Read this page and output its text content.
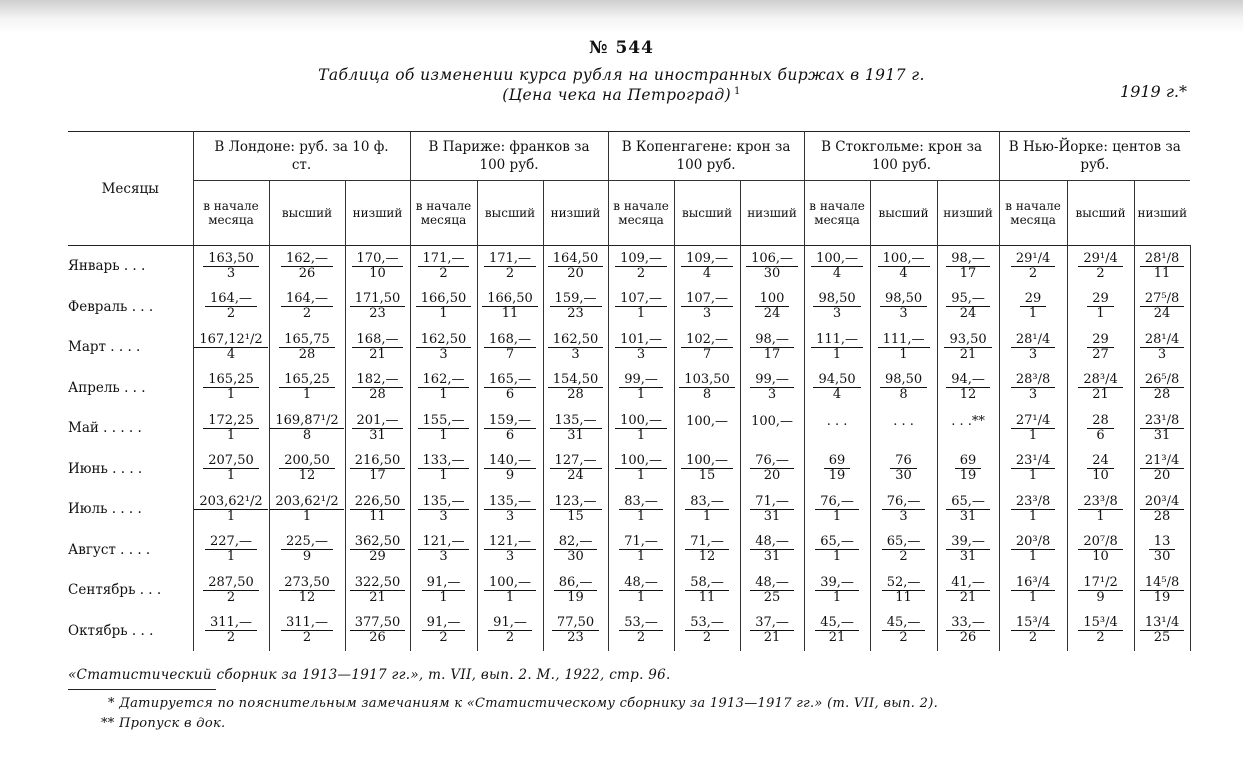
№ 544
Таблица об изменении курса рубля на иностранных биржах в 1917 г.
(Цена чека на Петроград) $^1$	1919 г.*
Месяцы	В Лондоне: руб. за 10 ф. ст.			В Париже: франков за 100 руб.			В Копенгагене: крон за 100 руб.			В Стокгольме: крон за 100 руб.			В Нью-Йорке: центов за руб.		
	в начале месяца	высший	низший	в начале месяца	высший	низший	в начале месяца	высший	низший	в начале месяца	высший	низший	в начале месяца	высший	низший
Январь . . .	$\frac{163,50}{3}$	$\frac{162,—}{26}$	$\frac{170,—}{10}$	$\frac{171,—}{2}$	$\frac{171,—}{2}$	$\frac{164,50}{20}$	$\frac{109,—}{2}$	$\frac{109,—}{4}$	$\frac{106,—}{30}$	$\frac{100,—}{4}$	$\frac{100,—}{4}$	$\frac{98,—}{17}$	$\frac{\text{29¹/4}}{2}$	$\frac{\text{29¹/4}}{2}$	$\frac{\text{28¹/8}}{11}$

Февраль . . .	$\frac{164,—}{2}$	$\frac{164,—}{2}$	$\frac{171,50}{23}$	$\frac{166,50}{1}$	$\frac{166,50}{11}$	$\frac{159,—}{23}$	$\frac{107,—}{1}$	$\frac{107,—}{3}$	$\frac{100}{24}$	$\frac{98,50}{3}$	$\frac{98,50}{3}$	$\frac{95,—}{24}$	$\frac{29}{1}$	$\frac{29}{1}$	$\frac{\text{27⁵/8}}{24}$

Март . . . .	$\frac{\text{167,12¹/2}}{4}$	$\frac{165,75}{28}$	$\frac{168,—}{21}$	$\frac{162,50}{3}$	$\frac{168,—}{7}$	$\frac{162,50}{3}$	$\frac{101,—}{3}$	$\frac{102,—}{7}$	$\frac{98,—}{17}$	$\frac{111,—}{1}$	$\frac{111,—}{1}$	$\frac{93,50}{21}$	$\frac{\text{28¹/4}}{3}$	$\frac{29}{27}$	$\frac{\text{28¹/4}}{3}$

Апрель . . .	$\frac{165,25}{1}$	$\frac{165,25}{1}$	$\frac{182,—}{28}$	$\frac{162,—}{1}$	$\frac{165,—}{6}$	$\frac{154,50}{28}$	$\frac{99,—}{1}$	$\frac{103,50}{8}$	$\frac{99,—}{3}$	$\frac{94,50}{4}$	$\frac{98,50}{8}$	$\frac{94,—}{12}$	$\frac{\text{28³/8}}{3}$	$\frac{\text{28³/4}}{21}$	$\frac{\text{26⁵/8}}{28}$

Май . . . . .	$\frac{172,25}{1}$	$\frac{\text{169,87¹/2}}{8}$	$\frac{201,—}{31}$	$\frac{155,—}{1}$	$\frac{159,—}{6}$	$\frac{135,—}{31}$	$\frac{100,—}{1}$	100,—	100,—	. . .	. . .	. . .**	$\frac{\text{27¹/4}}{1}$	$\frac{28}{6}$	$\frac{\text{23¹/8}}{31}$

Июнь . . . .	$\frac{207,50}{1}$	$\frac{200,50}{12}$	$\frac{216,50}{17}$	$\frac{133,—}{1}$	$\frac{140,—}{9}$	$\frac{127,—}{24}$	$\frac{100,—}{1}$	$\frac{100,—}{15}$	$\frac{76,—}{20}$	$\frac{69}{19}$	$\frac{76}{30}$	$\frac{69}{19}$	$\frac{\text{23¹/4}}{1}$	$\frac{24}{10}$	$\frac{\text{21³/4}}{20}$

Июль . . . .	$\frac{\text{203,62¹/2}}{1}$	$\frac{\text{203,62¹/2}}{1}$	$\frac{226,50}{11}$	$\frac{135,—}{3}$	$\frac{135,—}{3}$	$\frac{123,—}{15}$	$\frac{83,—}{1}$	$\frac{83,—}{1}$	$\frac{71,—}{31}$	$\frac{76,—}{1}$	$\frac{76,—}{3}$	$\frac{65,—}{31}$	$\frac{\text{23³/8}}{1}$	$\frac{\text{23³/8}}{1}$	$\frac{\text{20³/4}}{28}$

Август . . . .	$\frac{227,—}{1}$	$\frac{225,—}{9}$	$\frac{362,50}{29}$	$\frac{121,—}{3}$	$\frac{121,—}{3}$	$\frac{82,—}{30}$	$\frac{71,—}{1}$	$\frac{71,—}{12}$	$\frac{48,—}{31}$	$\frac{65,—}{1}$	$\frac{65,—}{2}$	$\frac{39,—}{31}$	$\frac{\text{20³/8}}{1}$	$\frac{\text{20⁷/8}}{10}$	$\frac{13}{30}$

Сентябрь . . .	$\frac{287,50}{2}$	$\frac{273,50}{12}$	$\frac{322,50}{21}$	$\frac{91,—}{1}$	$\frac{100,—}{1}$	$\frac{86,—}{19}$	$\frac{48,—}{1}$	$\frac{58,—}{11}$	$\frac{48,—}{25}$	$\frac{39,—}{1}$	$\frac{52,—}{11}$	$\frac{41,—}{21}$	$\frac{\text{16³/4}}{1}$	$\frac{\text{17¹/2}}{9}$	$\frac{\text{14⁵/8}}{19}$

Октябрь . . .	$\frac{311,—}{2}$	$\frac{311,—}{2}$	$\frac{377,50}{26}$	$\frac{91,—}{2}$	$\frac{91,—}{2}$	$\frac{77,50}{23}$	$\frac{53,—}{2}$	$\frac{53,—}{2}$	$\frac{37,—}{21}$	$\frac{45,—}{21}$	$\frac{45,—}{2}$	$\frac{33,—}{26}$	$\frac{\text{15³/4}}{2}$	$\frac{\text{15³/4}}{2}$	$\frac{\text{13¹/4}}{25}$
«Статистический сборник за 1913—1917 гг.», т. VII, вып. 2. М., 1922, стр. 96.
* Датируется по пояснительным замечаниям к «Статистическому сборнику за 1913—1917 гг.» (т. VII, вып. 2).
** Пропуск в док.
